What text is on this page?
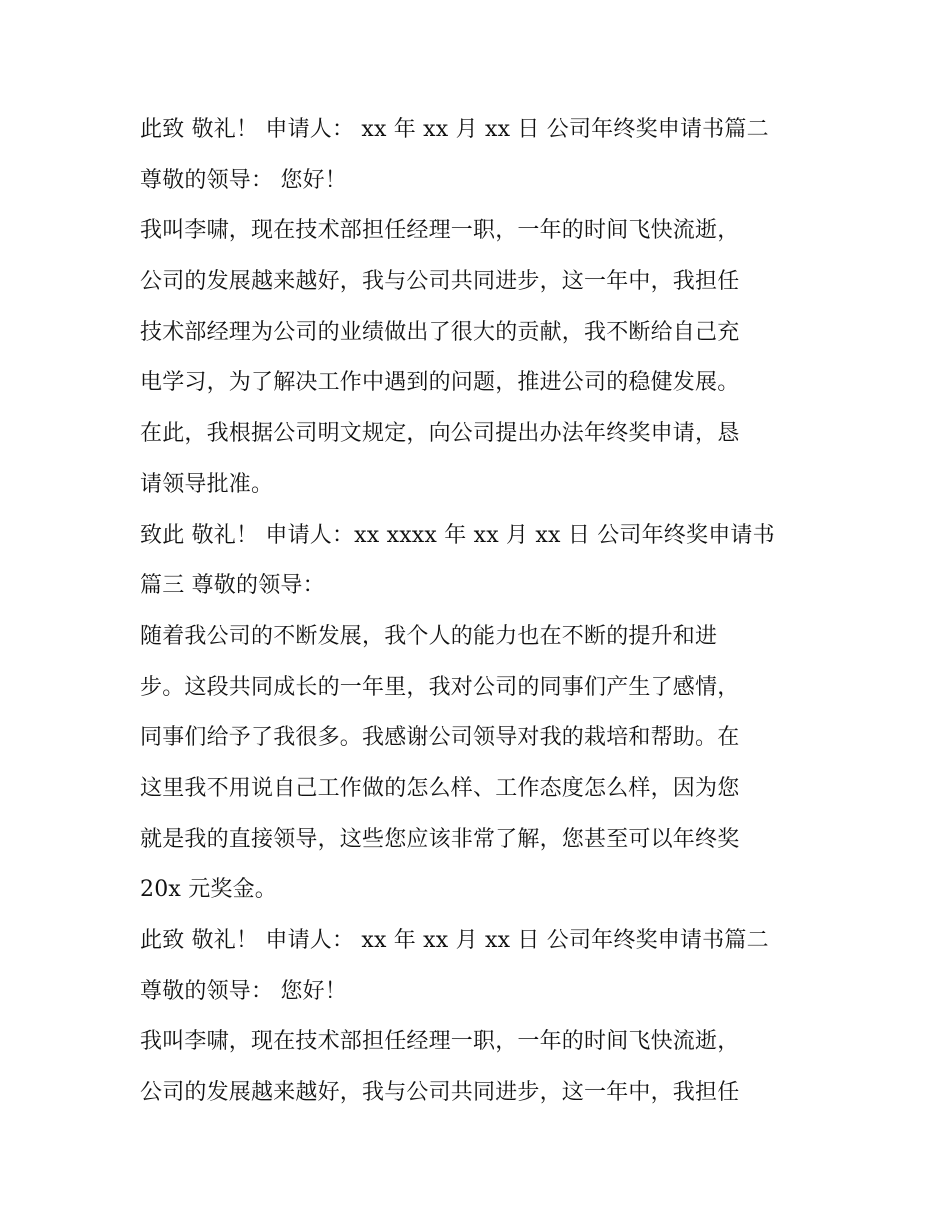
此致 敬礼！ 申请人： xx 年 xx 月 xx 日 公司年终奖申请书篇二
尊敬的领导： 您好！
我叫李啸，现在技术部担任经理一职，一年的时间飞快流逝，
公司的发展越来越好，我与公司共同进步，这一年中，我担任
技术部经理为公司的业绩做出了很大的贡献，我不断给自己充
电学习，为了解决工作中遇到的问题，推进公司的稳健发展。
在此，我根据公司明文规定，向公司提出办法年终奖申请，恳
请领导批准。
致此 敬礼！ 申请人：xx xxxx 年 xx 月 xx 日 公司年终奖申请书
篇三 尊敬的领导：
随着我公司的不断发展，我个人的能力也在不断的提升和进
步。这段共同成长的一年里，我对公司的同事们产生了感情，
同事们给予了我很多。我感谢公司领导对我的栽培和帮助。在
这里我不用说自己工作做的怎么样、工作态度怎么样，因为您
就是我的直接领导，这些您应该非常了解，您甚至可以年终奖
20x 元奖金。
此致 敬礼！ 申请人： xx 年 xx 月 xx 日 公司年终奖申请书篇二
尊敬的领导： 您好！
我叫李啸，现在技术部担任经理一职，一年的时间飞快流逝，
公司的发展越来越好，我与公司共同进步，这一年中，我担任
